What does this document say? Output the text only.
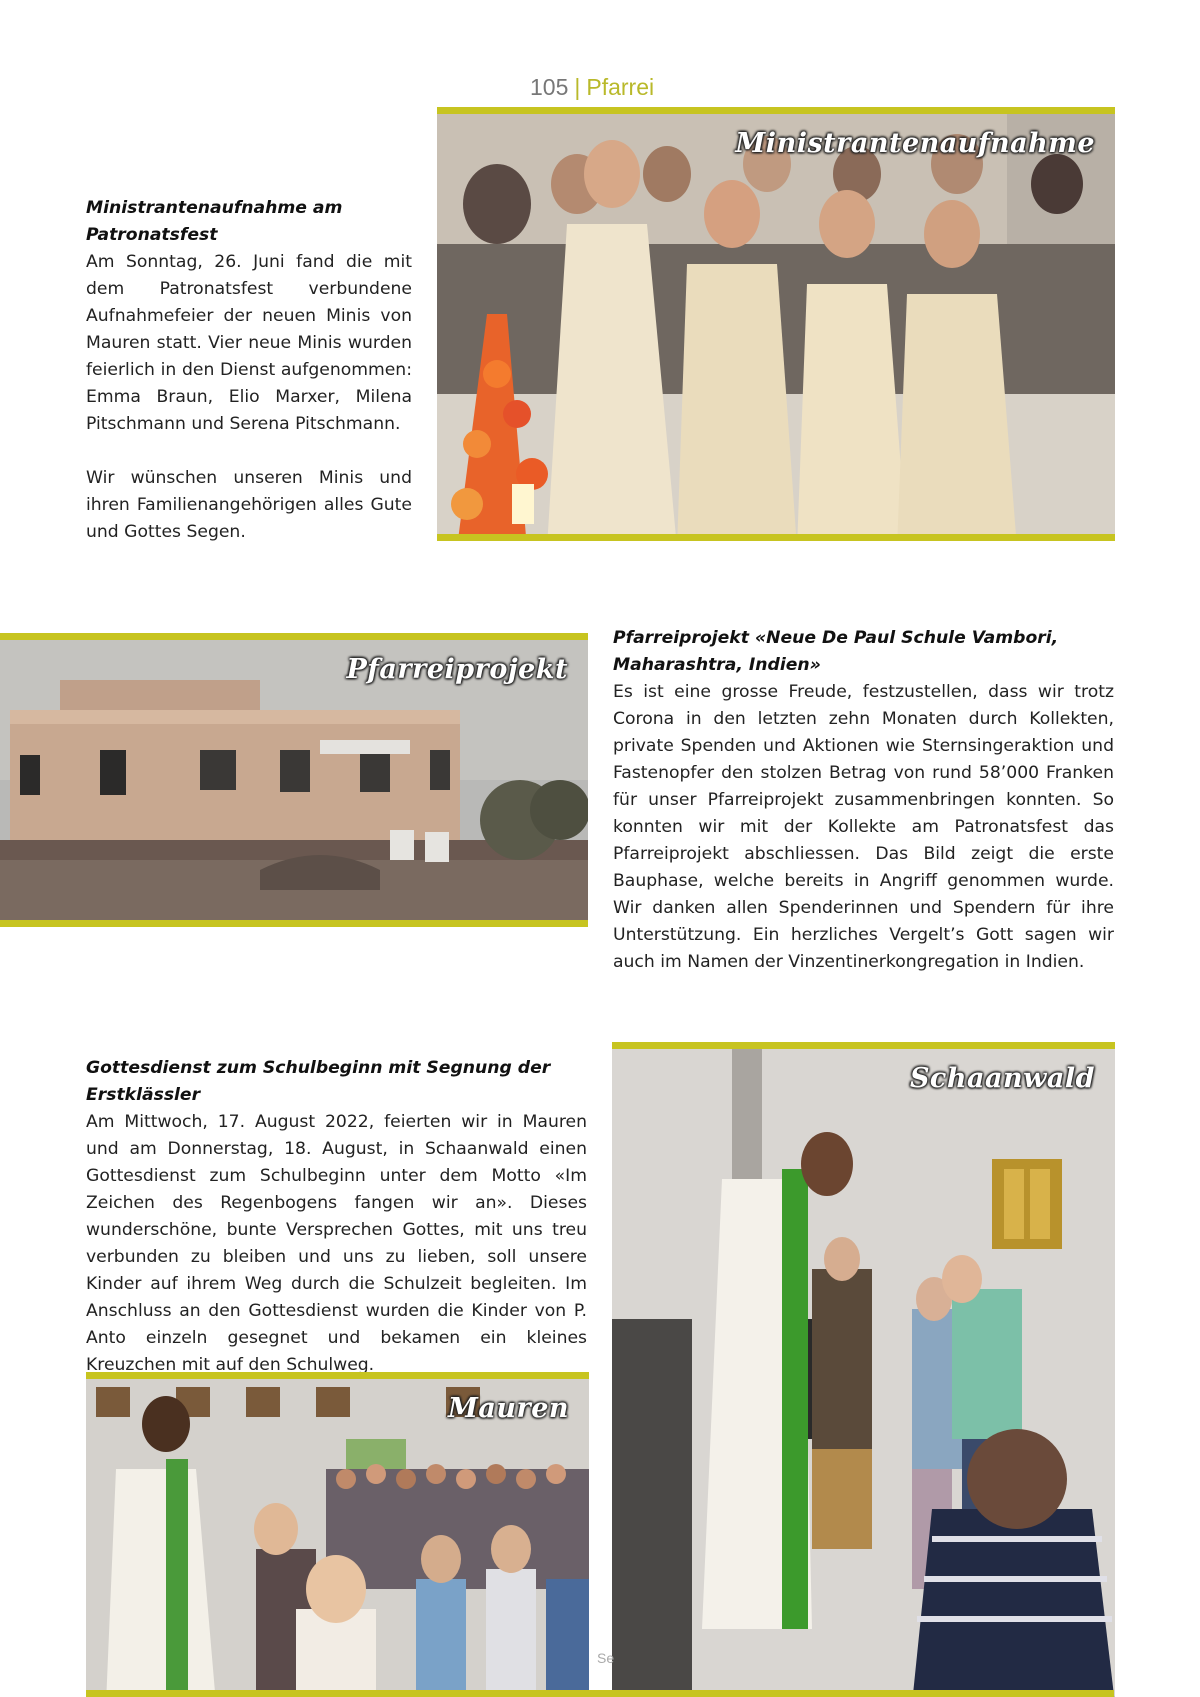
105 | Pfarrei
Ministrantenaufnahme am Patronatsfest

Am Sonntag, 26. Juni fand die mit dem Patronatsfest verbundene Aufnahmefeier der neuen Minis von Mauren statt. Vier neue Minis wurden feierlich in den Dienst aufgenommen: Emma Braun, Elio Marxer, Milena Pitschmann und Serena Pitschmann.

Wir wünschen unseren Minis und ihren Familienangehörigen alles Gute und Gottes Segen.

Ministrantenaufnahme
Pfarreiprojekt
Pfarreiprojekt «Neue De Paul Schule Vambori, Maharashtra, Indien»

Es ist eine grosse Freude, festzustellen, dass wir trotz Corona in den letzten zehn Monaten durch Kollekten, private Spenden und Aktionen wie Sternsingeraktion und Fastenopfer den stolzen Betrag von rund 58’000 Franken für unser Pfarreiprojekt zusammenbringen konnten. So konnten wir mit der Kollekte am Patronatsfest das Pfarreiprojekt abschliessen. Das Bild zeigt die erste Bauphase, welche bereits in Angriff genommen wurde. Wir danken allen Spenderinnen und Spendern für ihre Unterstützung. Ein herzliches Vergelt’s Gott sagen wir auch im Namen der Vinzentinerkongregation in Indien.

Gottesdienst zum Schulbeginn mit Segnung der Erstklässler

Am Mittwoch, 17. August 2022, feierten wir in Mauren und am Donnerstag, 18. August, in Schaanwald einen Gottesdienst zum Schulbeginn unter dem Motto «Im Zeichen des Regenbogens fangen wir an». Dieses wunderschöne, bunte Versprechen Gottes, mit uns treu verbunden zu bleiben und uns zu lieben, soll unsere Kinder auf ihrem Weg durch die Schulzeit begleiten. Im Anschluss an den Gottesdienst wurden die Kinder von P. Anto einzeln gesegnet und bekamen ein kleines Kreuzchen mit auf den Schulweg.

Schaanwald
Mauren
Se
